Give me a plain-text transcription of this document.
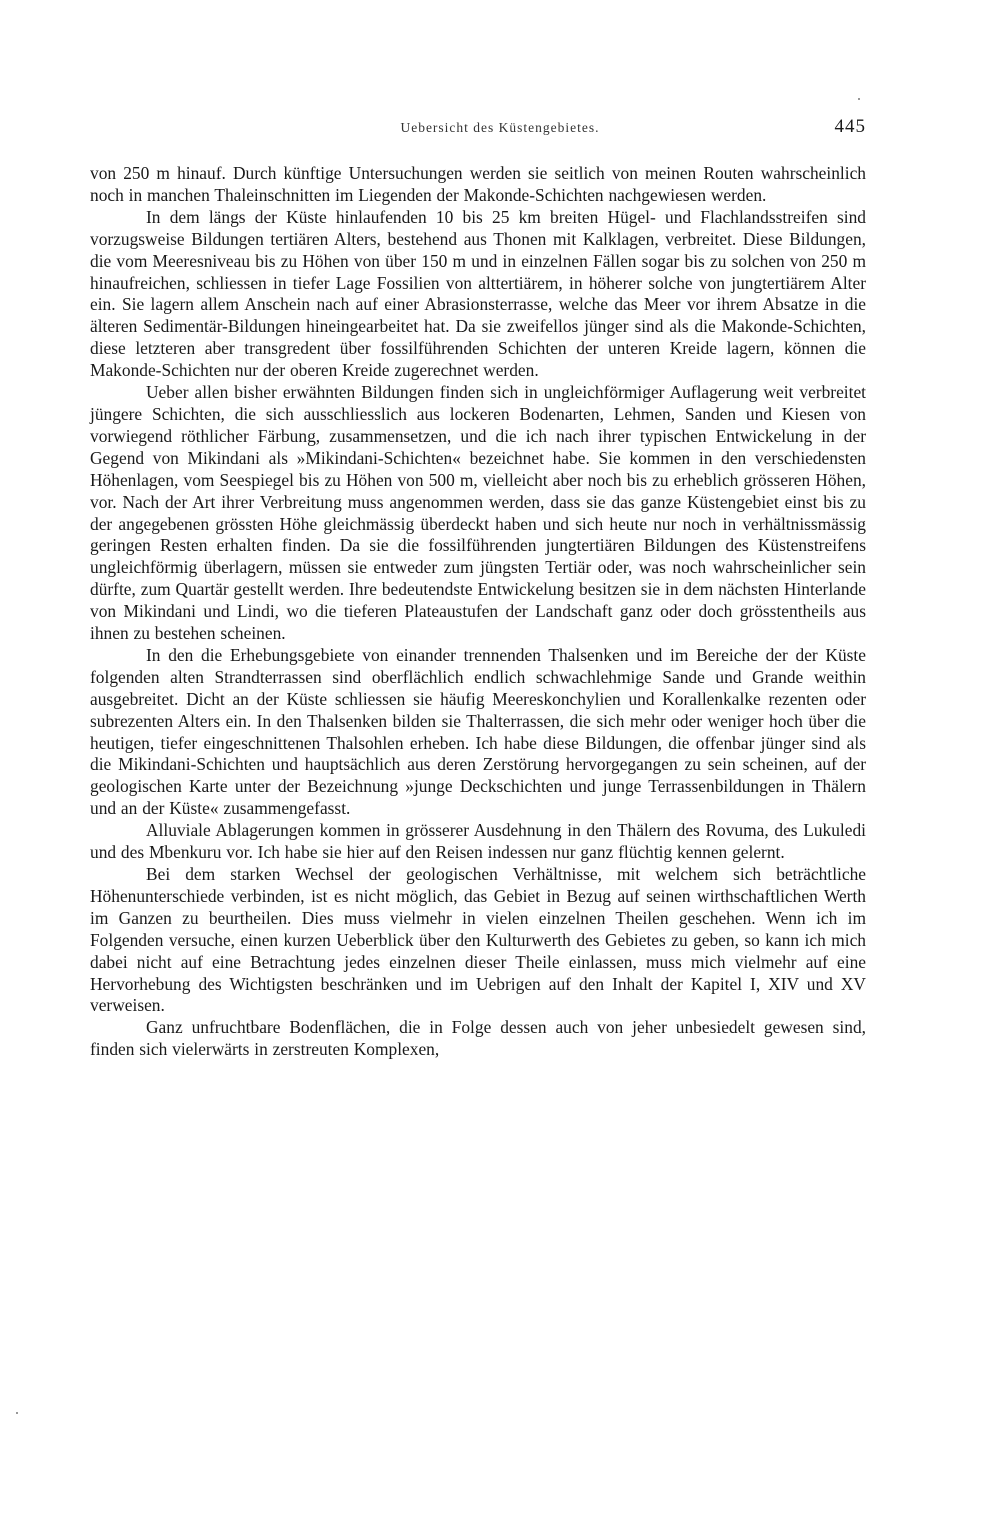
Uebersicht des Küstengebietes.	445

von 250 m hinauf. Durch künftige Untersuchungen werden sie seitlich von meinen Routen wahrscheinlich noch in manchen Thaleinschnitten im Liegenden der Makonde-Schichten nachgewiesen werden.

In dem längs der Küste hinlaufenden 10 bis 25 km breiten Hügel- und Flachlandsstreifen sind vorzugsweise Bildungen tertiären Alters, bestehend aus Thonen mit Kalklagen, verbreitet. Diese Bildungen, die vom Meeresniveau bis zu Höhen von über 150 m und in einzelnen Fällen sogar bis zu solchen von 250 m hinaufreichen, schliessen in tiefer Lage Fossilien von alttertiärem, in höherer solche von jungtertiärem Alter ein. Sie lagern allem Anschein nach auf einer Abrasionsterrasse, welche das Meer vor ihrem Absatze in die älteren Sedimentär-Bildungen hineingearbeitet hat. Da sie zweifellos jünger sind als die Makonde-Schichten, diese letzteren aber transgredent über fossilführenden Schichten der unteren Kreide lagern, können die Makonde-Schichten nur der oberen Kreide zugerechnet werden.

Ueber allen bisher erwähnten Bildungen finden sich in ungleichförmiger Auflagerung weit verbreitet jüngere Schichten, die sich ausschliesslich aus lockeren Bodenarten, Lehmen, Sanden und Kiesen von vorwiegend röthlicher Färbung, zusammensetzen, und die ich nach ihrer typischen Entwickelung in der Gegend von Mikindani als »Mikindani-Schichten« bezeichnet habe. Sie kommen in den verschiedensten Höhenlagen, vom Seespiegel bis zu Höhen von 500 m, vielleicht aber noch bis zu erheblich grösseren Höhen, vor. Nach der Art ihrer Verbreitung muss angenommen werden, dass sie das ganze Küstengebiet einst bis zu der angegebenen grössten Höhe gleichmässig überdeckt haben und sich heute nur noch in verhältnissmässig geringen Resten erhalten finden. Da sie die fossilführenden jungtertiären Bildungen des Küstenstreifens ungleichförmig überlagern, müssen sie entweder zum jüngsten Tertiär oder, was noch wahrscheinlicher sein dürfte, zum Quartär gestellt werden. Ihre bedeutendste Entwickelung besitzen sie in dem nächsten Hinterlande von Mikindani und Lindi, wo die tieferen Plateaustufen der Landschaft ganz oder doch grösstentheils aus ihnen zu bestehen scheinen.

In den die Erhebungsgebiete von einander trennenden Thalsenken und im Bereiche der der Küste folgenden alten Strandterrassen sind oberflächlich endlich schwachlehmige Sande und Grande weithin ausgebreitet. Dicht an der Küste schliessen sie häufig Meereskonchylien und Korallenkalke rezenten oder subrezenten Alters ein. In den Thalsenken bilden sie Thalterrassen, die sich mehr oder weniger hoch über die heutigen, tiefer eingeschnittenen Thalsohlen erheben. Ich habe diese Bildungen, die offenbar jünger sind als die Mikindani-Schichten und hauptsächlich aus deren Zerstörung hervorgegangen zu sein scheinen, auf der geologischen Karte unter der Bezeichnung »junge Deckschichten und junge Terrassenbildungen in Thälern und an der Küste« zusammengefasst.

Alluviale Ablagerungen kommen in grösserer Ausdehnung in den Thälern des Rovuma, des Lukuledi und des Mbenkuru vor. Ich habe sie hier auf den Reisen indessen nur ganz flüchtig kennen gelernt.

Bei dem starken Wechsel der geologischen Verhältnisse, mit welchem sich beträchtliche Höhenunterschiede verbinden, ist es nicht möglich, das Gebiet in Bezug auf seinen wirthschaftlichen Werth im Ganzen zu beurtheilen. Dies muss vielmehr in vielen einzelnen Theilen geschehen. Wenn ich im Folgenden versuche, einen kurzen Ueberblick über den Kulturwerth des Gebietes zu geben, so kann ich mich dabei nicht auf eine Betrachtung jedes einzelnen dieser Theile einlassen, muss mich vielmehr auf eine Hervorhebung des Wichtigsten beschränken und im Uebrigen auf den Inhalt der Kapitel I, XIV und XV verweisen.

Ganz unfruchtbare Bodenflächen, die in Folge dessen auch von jeher unbesiedelt gewesen sind, finden sich vielerwärts in zerstreuten Komplexen,
